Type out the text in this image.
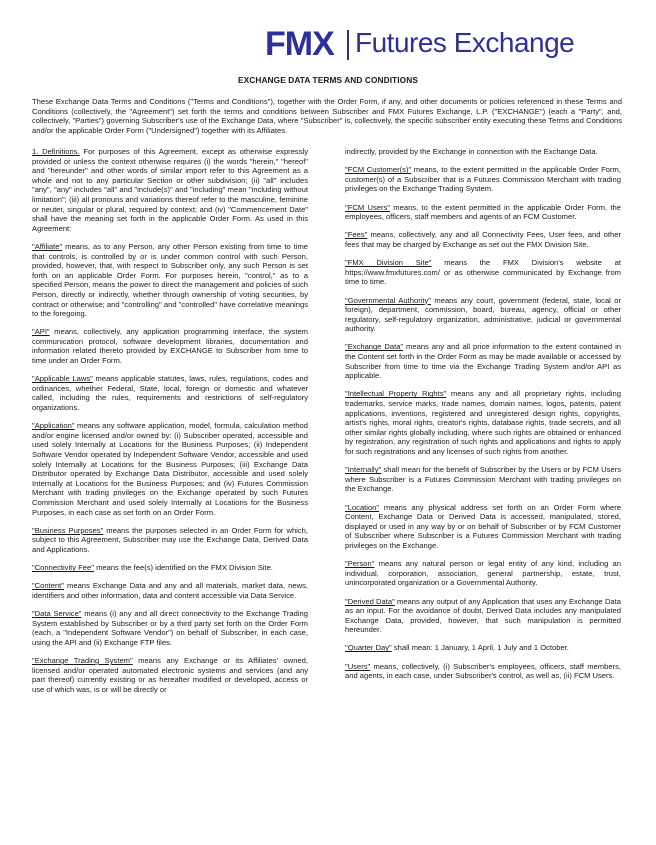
FMX Futures Exchange
EXCHANGE DATA TERMS AND CONDITIONS
These Exchange Data Terms and Conditions ("Terms and Conditions"), together with the Order Form, if any, and other documents or policies referenced in these Terms and Conditions (collectively, the "Agreement") set forth the terms and conditions between Subscriber and FMX Futures Exchange, L.P. ("EXCHANGE") (each a "Party", and, collectively, "Parties") governing Subscriber's use of the Exchange Data, where "Subscriber" is, collectively, the specific subscriber entity executing these Terms and Conditions and/or the applicable Order Form ("Undersigned") together with its Affiliates.

1. Definitions. For purposes of this Agreement, except as otherwise expressly provided or unless the context otherwise requires (i) the words "herein," "hereof" and "hereunder" and other words of similar import refer to this Agreement as a whole and not to any particular Section or other subdivision; (ii) "all" includes "any", "any" includes "all" and "include(s)" and "including" mean "including without limitation"; (iii) all pronouns and variations thereof refer to the masculine, feminine or neuter, singular or plural, required by context; and (iv) "Commencement Date" shall have the meaning set forth in the applicable Order Form. As used in this Agreement:

"Affiliate" means, as to any Person, any other Person existing from time to time that controls, is controlled by or is under common control with such Person, provided, however, that, with respect to Subscriber only, any such Person is set forth on an applicable Order Form. For purposes herein, "control," as to a specified Person, means the power to direct the management and policies of such Person, directly or indirectly, whether through ownership of voting securities, by contract or otherwise; and "controlling" and "controlled" have correlative meanings to the foregoing.

"API" means, collectively, any application programming interface, the system communication protocol, software development libraries, documentation and information related thereto provided by EXCHANGE to Subscriber from time to time under an Order Form.

"Applicable Laws" means applicable statutes, laws, rules, regulations, codes and ordinances, whether Federal, State, local, foreign or domestic and whatever called, including the rules, requirements and restrictions of self-regulatory organizations.

"Application" means any software application, model, formula, calculation method and/or engine licensed and/or owned by: (i) Subscriber operated, accessible and used solely Internally at Locations for the Business Purposes; (ii) Independent Software Vendor operated by Independent Software Vendor, accessible and used solely Internally at Locations for the Business Purposes; (iii) Exchange Data Distributor operated by Exchange Data Distributor, accessible and used solely Internally at Locations for the Business Purposes; and (iv) Futures Commission Merchant with trading privileges on the Exchange operated by such Futures Commission Merchant and used solely Internally at Locations for the Business Purposes, in each case as set forth on an Order Form.

"Business Purposes" means the purposes selected in an Order Form for which, subject to this Agreement, Subscriber may use the Exchange Data, Derived Data and Applications.

"Connectivity Fee" means the fee(s) identified on the FMX Division Site.

"Content" means Exchange Data and any and all materials, market data, news, identifiers and other information, data and content accessible via Data Service.

"Data Service" means (i) any and all direct connectivity to the Exchange Trading System established by Subscriber or by a third party set forth on the Order Form (each, a "Independent Software Vendor") on behalf of Subscriber, in each case, using the API and (ii) Exchange FTP files.

"Exchange Trading System" means any Exchange or its Affiliates' owned, licensed and/or operated automated electronic systems and services (and any part thereof) currently existing or as hereafter modified or developed, access or use of which was, is or will be directly or

indirectly, provided by the Exchange in connection with the Exchange Data.

"FCM Customer(s)" means, to the extent permitted in the applicable Order Form, customer(s) of a Subscriber that is a Futures Commission Merchant with trading privileges on the Exchange Trading System.

"FCM Users" means, to the extent permitted in the applicable Order Form, the employees, officers, staff members and agents of an FCM Customer.

"Fees" means, collectively, any and all Connectivity Fees, User fees, and other fees that may be charged by Exchange as set out the FMX Division Site.

"FMX Division Site" means the FMX Division's website at https://www.fmxfutures.com/ or as otherwise communicated by Exchange from time to time.

"Governmental Authority" means any court, government (federal, state, local or foreign), department, commission, board, bureau, agency, official or other regulatory, self-regulatory organization, administrative, judicial or governmental authority.

"Exchange Data" means any and all price information to the extent contained in the Content set forth in the Order Form as may be made available or accessed by Subscriber from time to time via the Exchange Trading System and/or API as applicable.

"Intellectual Property Rights" means any and all proprietary rights, including trademarks, service marks, trade names, domain names, logos, patents, patent applications, inventions, registered and unregistered design rights, copyrights, artist's rights, moral rights, creator's rights, database rights, trade secrets, and all other similar rights globally including, where such rights are obtained or enhanced by registration, any registration of such rights and applications and rights to apply for such registrations and any licenses of such rights from another.

"Internally" shall mean for the benefit of Subscriber by the Users or by FCM Users where Subscriber is a Futures Commission Merchant with trading privileges on the Exchange.

"Location" means any physical address set forth on an Order Form where Content, Exchange Data or Derived Data is accessed, manipulated, stored, displayed or used in any way by or on behalf of Subscriber or by FCM Customer of Subscriber where Subscriber is a Futures Commission Merchant with trading privileges on the Exchange.

"Person" means any natural person or legal entity of any kind, including an individual, corporation, association, general partnership, estate, trust, unincorporated organization or a Governmental Authority.

"Derived Data" means any output of any Application that uses any Exchange Data as an input. For the avoidance of doubt, Derived Data includes any manipulated Exchange Data, provided, however, that such manipulation is permitted hereunder.

"Quarter Day" shall mean: 1 January, 1 April, 1 July and 1 October.

"Users" means, collectively, (i) Subscriber's employees, officers, staff members, and agents, in each case, under Subscriber's control, as well as, (ii) FCM Users.
